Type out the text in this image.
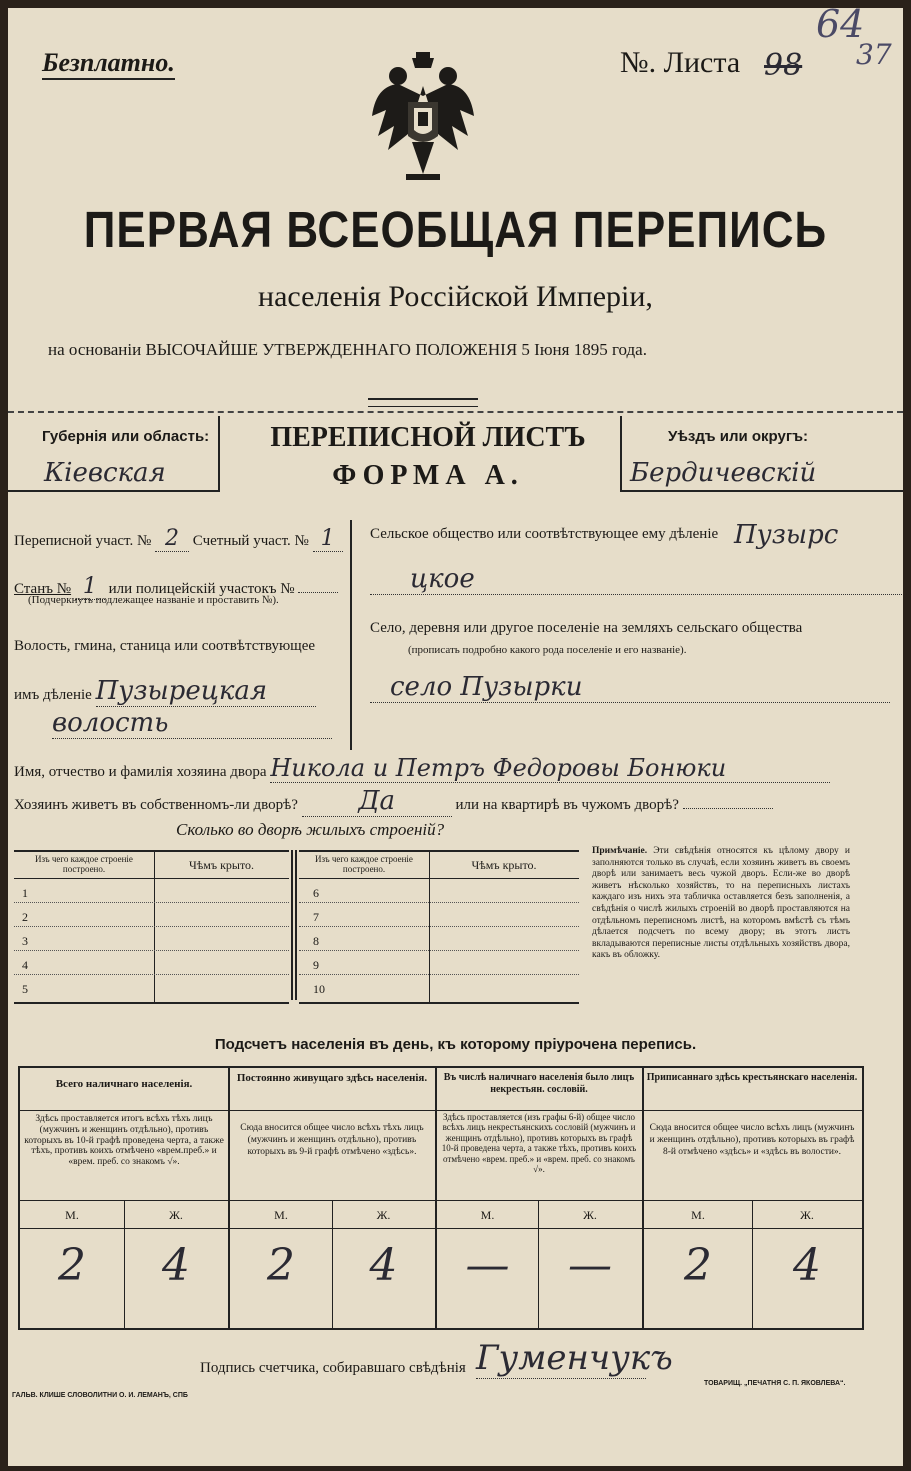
Безплатно.	№. Листа 98
64
37
ПЕРВАЯ ВСЕОБЩАЯ ПЕРЕПИСЬ
населенія Россійской Имперіи,
на основаніи ВЫСОЧАЙШЕ УТВЕРЖДЕННАГО ПОЛОЖЕНІЯ 5 Іюня 1895 года.
Губернія или область:
Кіевская
ПЕРЕПИСНОЙ ЛИСТЪ
ФОРМА А.
Уѣздъ или округъ:
Бердичевскій
Переписной участ. № 2 Счетный участ. № 1
Станъ № 1 или полицейскій участокъ №
(Подчеркнуть подлежащее названіе и проставить №).
Волость, гмина, станица или соотвѣтствующее
имъ дѣленіе Пузырецкая
волость
Сельское общество или соотвѣтствующее ему дѣленіе Пузырс
цкое
Село, деревня или другое поселеніе на земляхъ сельскаго общества
(прописать подробно какого рода поселеніе и его названіе).
село Пузырки
Имя, отчество и фамилія хозяина двора Никола и Петръ Федоровы Бонюки
Хозяинъ живетъ въ собственномъ-ли дворѣ? Да	или на квартирѣ въ чужомъ дворѣ?
Сколько во дворѣ жилыхъ строеній?
Изъ чего каждое строеніе построено.	Чѣмъ крыто.
1
2
3
4
5
Изъ чего каждое строеніе построено.	Чѣмъ крыто.
6
7
8
9
10
Примѣчаніе. Эти свѣдѣнія относятся къ цѣлому двору и заполняются только въ случаѣ, если хозяинъ живетъ въ своемъ дворѣ или занимаетъ весь чужой дворъ. Если-же во дворѣ живетъ нѣсколько хозяйствъ, то на переписныхъ листахъ каждаго изъ нихъ эта табличка оставляется безъ заполненія, а свѣдѣнія о числѣ жилыхъ строеній во дворѣ проставляются на отдѣльномъ переписномъ листѣ, на которомъ вмѣстѣ съ тѣмъ дѣлается подсчетъ по всему двору; въ этотъ листъ вкладываются переписные листы отдѣльныхъ хозяйствъ двора, какъ въ обложку.
Подсчетъ населенія въ день, къ которому пріурочена перепись.
Всего наличнаго населенія.
Здѣсь проставляется итогъ всѣхъ тѣхъ лицъ (мужчинъ и женщинъ отдѣльно), противъ которыхъ въ 10-й графѣ проведена черта, а также тѣхъ, противъ коихъ отмѣчено «врем.преб.» и «врем. преб. со знакомъ √».
М.	Ж.
2	4
Постоянно живущаго здѣсь населенія.
Сюда вносится общее число всѣхъ тѣхъ лицъ (мужчинъ и женщинъ отдѣльно), противъ которыхъ въ 9-й графѣ отмѣчено «здѣсь».
М.	Ж.
2	4
Въ числѣ наличнаго населенія было лицъ некрестьян. сословій.
Здѣсь проставляется (изъ графы 6-й) общее число всѣхъ лицъ некрестьянскихъ сословій (мужчинъ и женщинъ отдѣльно), противъ которыхъ въ графѣ 10-й проведена черта, а также тѣхъ, противъ коихъ отмѣчено «врем. преб.» и «врем. преб. со знакомъ √».
М.	Ж.
—	—
Приписаннаго здѣсь крестьянскаго населенія.
Сюда вносится общее число всѣхъ лицъ (мужчинъ и женщинъ отдѣльно), противъ которыхъ въ графѣ 8-й отмѣчено «здѣсь» и «здѣсь въ волости».
М.	Ж.
2	4
Подпись счетчика, собиравшаго свѣдѣнія Гуменчукъ
ГАЛЬВ. КЛИШЕ СЛОВОЛИТНИ О. И. ЛЕМАНЪ, СПБ
ТОВАРИЩ. „ПЕЧАТНЯ С. П. ЯКОВЛЕВА“.
